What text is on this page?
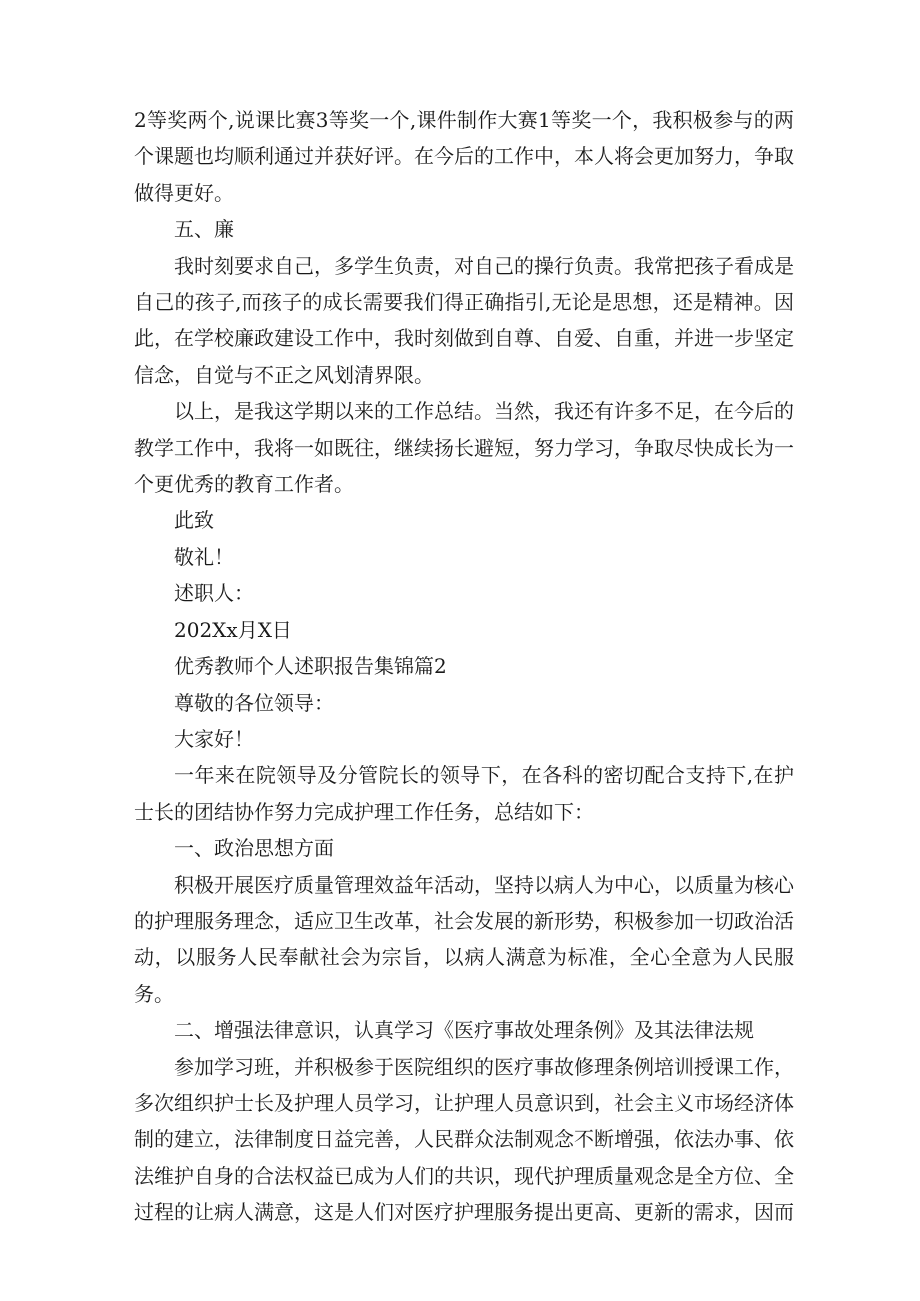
2等奖两个,说课比赛3等奖一个,课件制作大赛1等奖一个，我积极参与的两个课题也均顺利通过并获好评。在今后的工作中，本人将会更加努力，争取做得更好。

五、廉

我时刻要求自己，多学生负责，对自己的操行负责。我常把孩子看成是自己的孩子,而孩子的成长需要我们得正确指引,无论是思想，还是精神。因此，在学校廉政建设工作中，我时刻做到自尊、自爱、自重，并进一步坚定信念，自觉与不正之风划清界限。

以上，是我这学期以来的工作总结。当然，我还有许多不足，在今后的教学工作中，我将一如既往，继续扬长避短，努力学习，争取尽快成长为一个更优秀的教育工作者。

此致

敬礼！

述职人：

202Xx月X日

优秀教师个人述职报告集锦篇2

尊敬的各位领导：

大家好！

一年来在院领导及分管院长的领导下，在各科的密切配合支持下,在护士长的团结协作努力完成护理工作任务，总结如下：

一、政治思想方面

积极开展医疗质量管理效益年活动，坚持以病人为中心，以质量为核心的护理服务理念，适应卫生改革，社会发展的新形势，积极参加一切政治活动，以服务人民奉献社会为宗旨，以病人满意为标准，全心全意为人民服务。

二、增强法律意识，认真学习《医疗事故处理条例》及其法律法规

参加学习班，并积极参于医院组织的医疗事故修理条例培训授课工作，多次组织护士长及护理人员学习，让护理人员意识到，社会主义市场经济体制的建立，法律制度日益完善，人民群众法制观念不断增强，依法办事、依法维护自身的合法权益已成为人们的共识，现代护理质量观念是全方位、全过程的让病人满意，这是人们对医疗护理服务提出更高、更新的需求，因而
